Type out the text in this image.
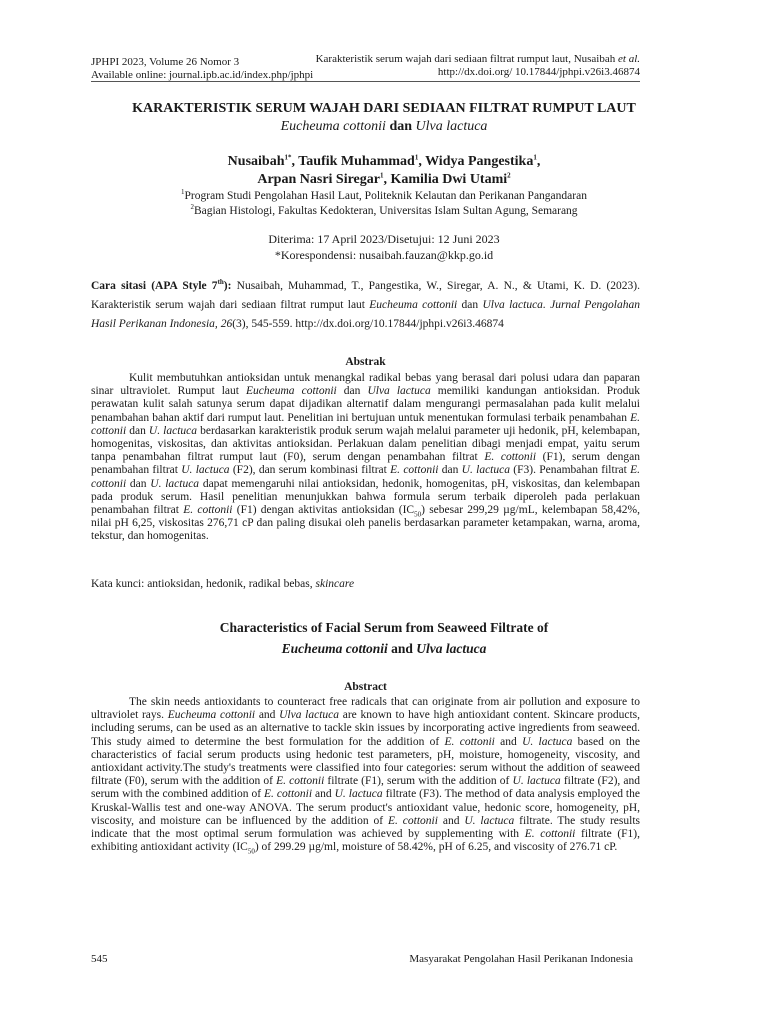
JPHPI 2023, Volume 26 Nomor 3
Available online: journal.ipb.ac.id/index.php/jphpi
Karakteristik serum wajah dari sediaan filtrat rumput laut, Nusaibah et al.
http://dx.doi.org/ 10.17844/jphpi.v26i3.46874
KARAKTERISTIK SERUM WAJAH DARI SEDIAAN FILTRAT RUMPUT LAUT
Eucheuma cottonii dan Ulva lactuca
Nusaibah$^{1*}$, Taufik Muhammad$^1$, Widya Pangestika$^1$,
Arpan Nasri Siregar$^1$, Kamilia Dwi Utami$^2$
$^1$Program Studi Pengolahan Hasil Laut, Politeknik Kelautan dan Perikanan Pangandaran
$^2$Bagian Histologi, Fakultas Kedokteran, Universitas Islam Sultan Agung, Semarang
Diterima: 17 April 2023/Disetujui: 12 Juni 2023
*Korespondensi: nusaibah.fauzan@kkp.go.id
Cara sitasi (APA Style 7th): Nusaibah, Muhammad, T., Pangestika, W., Siregar, A. N., & Utami, K. D. (2023). Karakteristik serum wajah dari sediaan filtrat rumput laut Eucheuma cottonii dan Ulva lactuca. Jurnal Pengolahan Hasil Perikanan Indonesia, 26(3), 545-559. http://dx.doi.org/10.17844/jphpi.v26i3.46874
Abstrak
Kulit membutuhkan antioksidan untuk menangkal radikal bebas yang berasal dari polusi udara dan paparan sinar ultraviolet. Rumput laut Eucheuma cottonii dan Ulva lactuca memiliki kandungan antioksidan. Produk perawatan kulit salah satunya serum dapat dijadikan alternatif dalam mengurangi permasalahan pada kulit melalui penambahan bahan aktif dari rumput laut. Penelitian ini bertujuan untuk menentukan formulasi terbaik penambahan E. cottonii dan U. lactuca berdasarkan karakteristik produk serum wajah melalui parameter uji hedonik, pH, kelembapan, homogenitas, viskositas, dan aktivitas antioksidan. Perlakuan dalam penelitian dibagi menjadi empat, yaitu serum tanpa penambahan filtrat rumput laut (F0), serum dengan penambahan filtrat E. cottonii (F1), serum dengan penambahan filtrat U. lactuca (F2), dan serum kombinasi filtrat E. cottonii dan U. lactuca (F3). Penambahan filtrat E. cottonii dan U. lactuca dapat memengaruhi nilai antioksidan, hedonik, homogenitas, pH, viskositas, dan kelembapan pada produk serum. Hasil penelitian menunjukkan bahwa formula serum terbaik diperoleh pada perlakuan penambahan filtrat E. cottonii (F1) dengan aktivitas antioksidan $(IC_{50})$ sebesar 299,29 µg/mL, kelembapan 58,42%, nilai pH 6,25, viskositas 276,71 cP dan paling disukai oleh panelis berdasarkan parameter ketampakan, warna, aroma, tekstur, dan homogenitas.
Kata kunci: antioksidan, hedonik, radikal bebas, skincare
Characteristics of Facial Serum from Seaweed Filtrate of
Eucheuma cottonii and Ulva lactuca
Abstract
The skin needs antioxidants to counteract free radicals that can originate from air pollution and exposure to ultraviolet rays. Eucheuma cottonii and Ulva lactuca are known to have high antioxidant content. Skincare products, including serums, can be used as an alternative to tackle skin issues by incorporating active ingredients from seaweed. This study aimed to determine the best formulation for the addition of E. cottonii and U. lactuca based on the characteristics of facial serum products using hedonic test parameters, pH, moisture, homogeneity, viscosity, and antioxidant activity.The study's treatments were classified into four categories: serum without the addition of seaweed filtrate (F0), serum with the addition of E. cottonii filtrate (F1), serum with the addition of U. lactuca filtrate (F2), and serum with the combined addition of E. cottonii and U. lactuca filtrate (F3). The method of data analysis employed the Kruskal-Wallis test and one-way ANOVA. The serum product's antioxidant value, hedonic score, homogeneity, pH, viscosity, and moisture can be influenced by the addition of E. cottonii and U. lactuca filtrate. The study results indicate that the most optimal serum formulation was achieved by supplementing with E. cottonii filtrate (F1), exhibiting antioxidant activity $(IC_{50})$ of 299.29 µg/ml, moisture of 58.42%, pH of 6.25, and viscosity of 276.71 cP.
545	Masyarakat Pengolahan Hasil Perikanan Indonesia
